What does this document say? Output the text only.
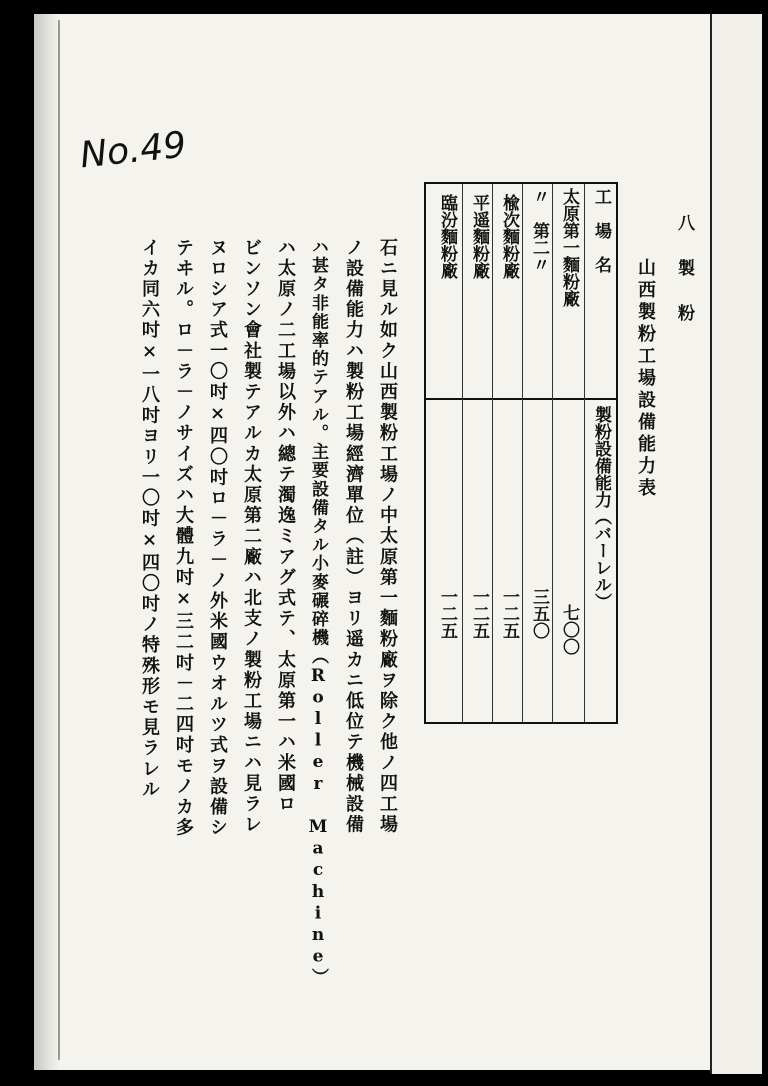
No.49
八 製 粉
山西製粉工場設備能力表
工　場　名
製粉設備能力（バーレル）
太原第一麵粉廠
七〇〇
〃　第二〃
三五〇
楡次麵粉廠
一二五
平遥麵粉廠
一二五
臨汾麵粉廠
一二五
石ニ見ル如ク山西製粉工場ノ中太原第一麵粉廠ヲ除ク他ノ四工場
ノ設備能力ハ製粉工場經濟單位（註）ヨリ遥カニ低位テ機械設備
ハ甚タ非能率的テアル。主要設備タル小麥碾碎機（Roller Machine）
ハ太原ノ二工場以外ハ總テ濁逸ミアグ式テ、太原第一ハ米國ロ
ビンソン會社製テアルカ太原第二廠ハ北支ノ製粉工場ニハ見ラレ
ヌロシア式一〇吋×四〇吋ロ－ラ－ノ外米國ウオルツ式ヲ設備シ
テヰル。ロ－ラ－ノサイズハ大體九吋×三二吋－二四吋モノカ多
イカ同六吋×一八吋ヨリ一〇吋×四〇吋ノ特殊形モ見ラレル
